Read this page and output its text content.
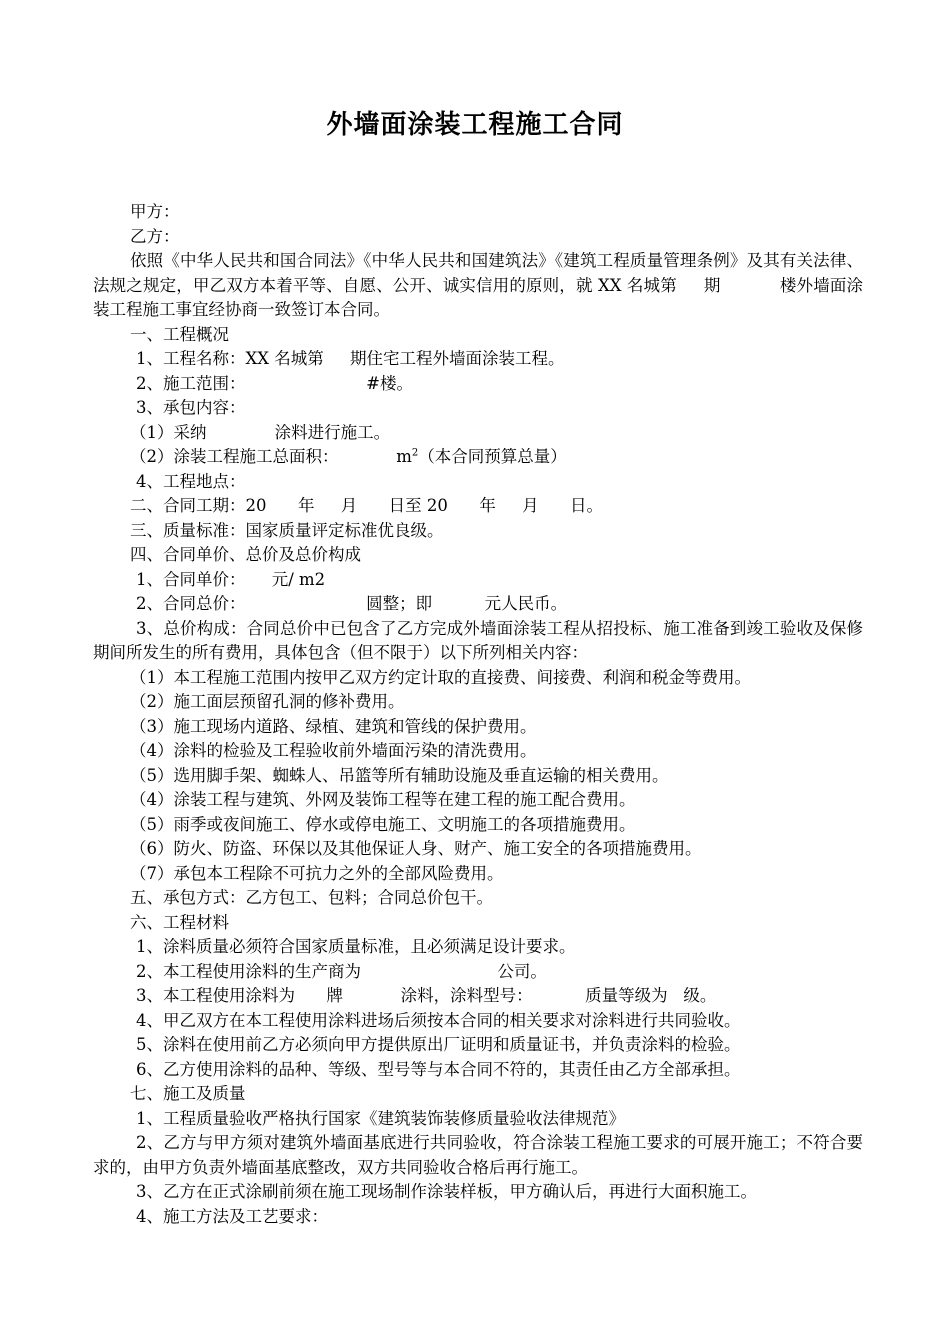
外墙面涂装工程施工合同
甲方：
乙方：
依照《中华人民共和国合同法》《中华人民共和国建筑法》《建筑工程质量管理条例》及其有关法律、法规之规定，甲乙双方本着平等、自愿、公开、诚实信用的原则，就 XX 名城第     期           楼外墙面涂装工程施工事宜经协商一致签订本合同。
一、工程概况
1、工程名称：XX 名城第     期住宅工程外墙面涂装工程。
2、施工范围：                       #楼。
3、承包内容：
（1）采纳             涂料进行施工。
（2）涂装工程施工总面积：           $m^2$（本合同预算总量）
4、工程地点：
二、合同工期：20      年     月      日至 20      年     月      日。
三、质量标准：国家质量评定标准优良级。
四、合同单价、总价及总价构成
1、合同单价：     元/ m2
2、合同总价：                       圆整；即          元人民币。
3、总价构成：合同总价中已包含了乙方完成外墙面涂装工程从招投标、施工准备到竣工验收及保修期间所发生的所有费用，具体包含（但不限于）以下所列相关内容：
（1）本工程施工范围内按甲乙双方约定计取的直接费、间接费、利润和税金等费用。
（2）施工面层预留孔洞的修补费用。
（3）施工现场内道路、绿植、建筑和管线的保护费用。
（4）涂料的检验及工程验收前外墙面污染的清洗费用。
（5）选用脚手架、蜘蛛人、吊篮等所有辅助设施及垂直运输的相关费用。
（4）涂装工程与建筑、外网及装饰工程等在建工程的施工配合费用。
（5）雨季或夜间施工、停水或停电施工、文明施工的各项措施费用。
（6）防火、防盗、环保以及其他保证人身、财产、施工安全的各项措施费用。
（7）承包本工程除不可抗力之外的全部风险费用。
五、承包方式：乙方包工、包料；合同总价包干。
六、工程材料
1、涂料质量必须符合国家质量标准，且必须满足设计要求。
2、本工程使用涂料的生产商为                          公司。
3、本工程使用涂料为      牌           涂料，涂料型号：          质量等级为   级。
4、甲乙双方在本工程使用涂料进场后须按本合同的相关要求对涂料进行共同验收。
5、涂料在使用前乙方必须向甲方提供原出厂证明和质量证书，并负责涂料的检验。
6、乙方使用涂料的品种、等级、型号等与本合同不符的，其责任由乙方全部承担。
七、施工及质量
1、工程质量验收严格执行国家《建筑装饰装修质量验收法律规范》
2、乙方与甲方须对建筑外墙面基底进行共同验收，符合涂装工程施工要求的可展开施工；不符合要求的，由甲方负责外墙面基底整改，双方共同验收合格后再行施工。
3、乙方在正式涂刷前须在施工现场制作涂装样板，甲方确认后，再进行大面积施工。
4、施工方法及工艺要求：
